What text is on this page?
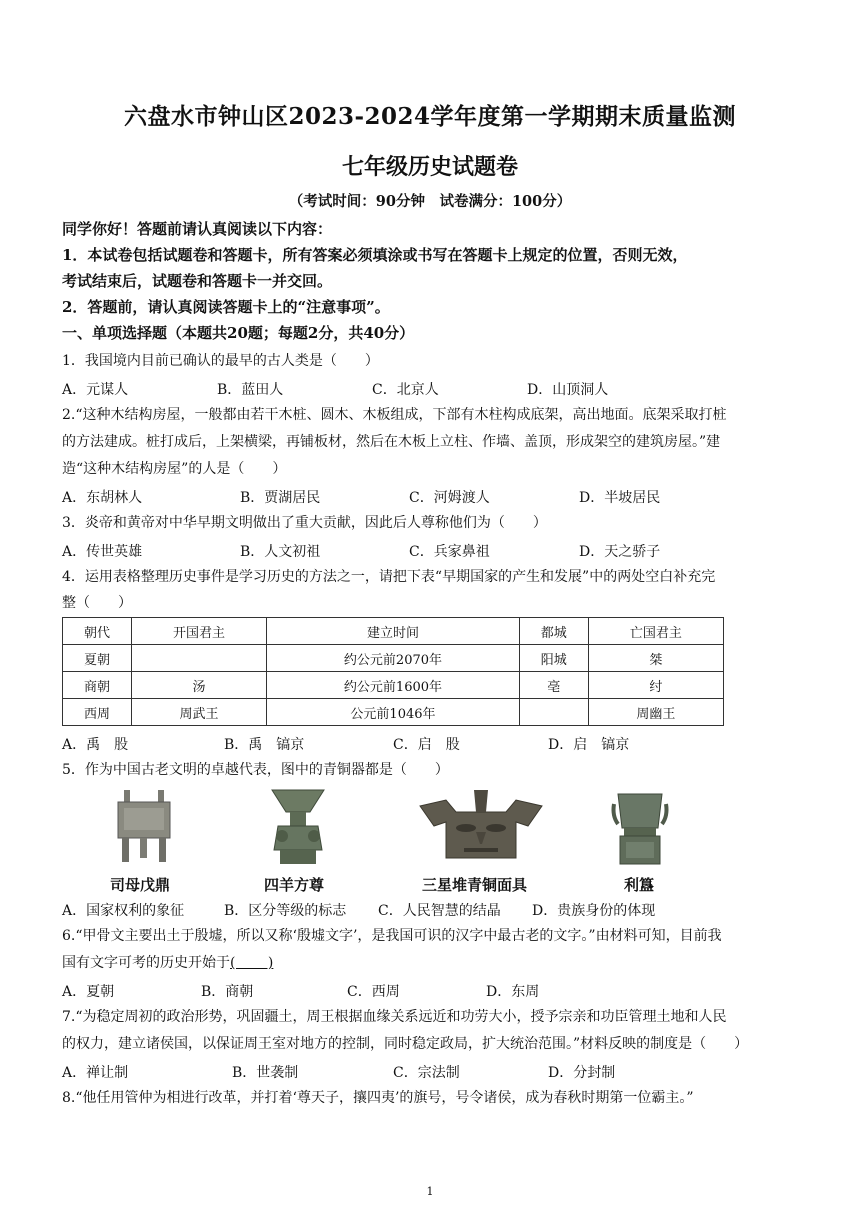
六盘水市钟山区2023-2024学年度第一学期期末质量监测
七年级历史试题卷
（考试时间：90分钟　试卷满分：100分）
同学你好！答题前请认真阅读以下内容：
1．本试卷包括试题卷和答题卡，所有答案必须填涂或书写在答题卡上规定的位置，否则无效，
考试结束后，试题卷和答题卡一并交回。
2．答题前，请认真阅读答题卡上的“注意事项”。
一、单项选择题（本题共20题；每题2分，共40分）
1．我国境内目前已确认的最早的古人类是（　　）
A．元谋人	B．蓝田人	C．北京人	D．山顶洞人
2.“这种木结构房屋，一般都由若干木桩、圆木、木板组成，下部有木柱构成底架，高出地面。底架采取打桩
的方法建成。桩打成后，上架横梁，再铺板材，然后在木板上立柱、作墙、盖顶，形成架空的建筑房屋。”建
造“这种木结构房屋”的人是（　　）
A．东胡林人	B．贾湖居民	C．河姆渡人	D．半坡居民
3．炎帝和黄帝对中华早期文明做出了重大贡献，因此后人尊称他们为（　　）
A．传世英雄	B．人文初祖	C．兵家鼻祖	D．天之骄子
4．运用表格整理历史事件是学习历史的方法之一，请把下表“早期国家的产生和发展”中的两处空白补充完
整（　　）
朝代	开国君主	建立时间	都城	亡国君主
夏朝		约公元前2070年	阳城	桀
商朝	汤	约公元前1600年	亳	纣
西周	周武王	公元前1046年		周幽王
A．禹　股	B．禹　镐京	C．启　股	D．启　镐京
5．作为中国古老文明的卓越代表，图中的青铜器都是（　　）
司母戊鼎	四羊方尊	三星堆青铜面具	利簋
A．国家权利的象征	B．区分等级的标志 C．人民智慧的结晶 D．贵族身份的体现
6.“甲骨文主要出土于殷墟，所以又称‘殷墟文字’，是我国可识的汉字中最古老的文字。”由材料可知，目前我
国有文字可考的历史开始于(　　 )
A．夏朝	B．商朝	C．西周	D．东周
7.“为稳定周初的政治形势，巩固疆土，周王根据血缘关系远近和功劳大小，授予宗亲和功臣管理土地和人民
的权力，建立诸侯国，以保证周王室对地方的控制，同时稳定政局，扩大统治范围。”材料反映的制度是（　　）
A．禅让制	B．世袭制	C．宗法制	D．分封制
8.“他任用管仲为相进行改革，并打着‘尊天子，攘四夷’的旗号，号令诸侯，成为春秋时期第一位霸主。”
1
